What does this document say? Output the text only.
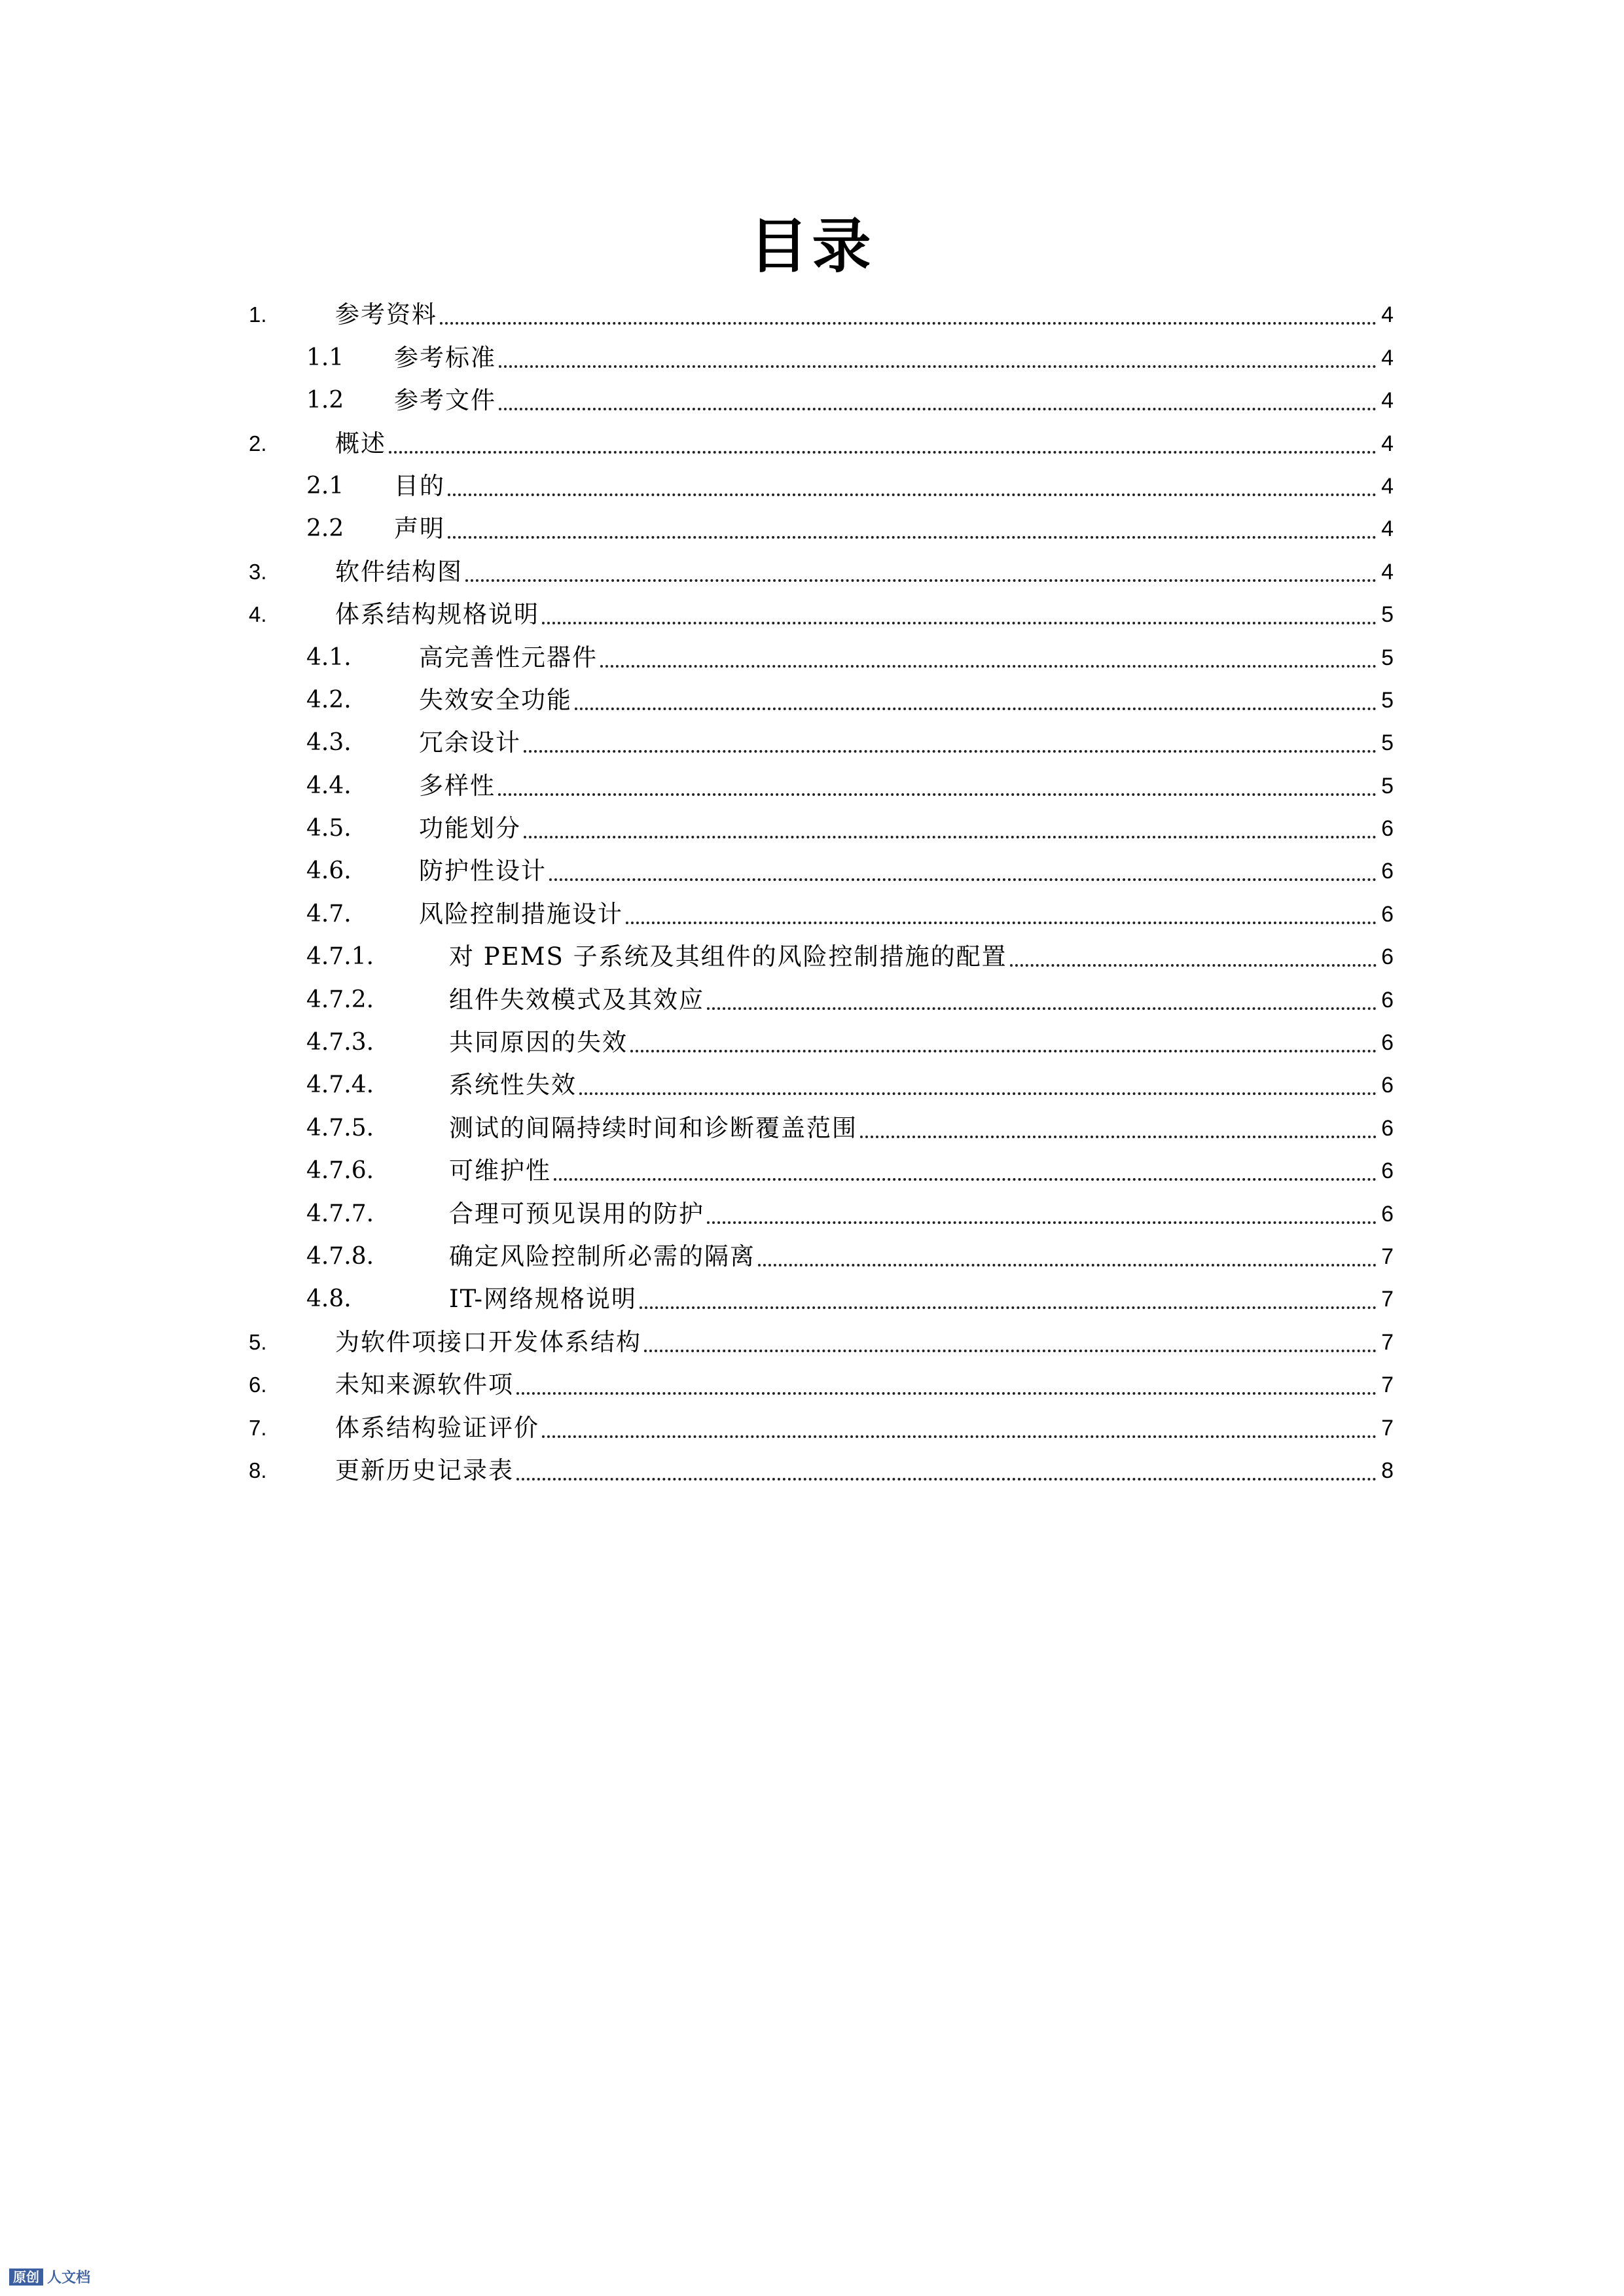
目录
1.	参考资料	4
1.1 参考标准	4
1.2 参考文件	4
2.	概述	4
2.1 目的	4
2.2 声明	4
3.	软件结构图	4
4.	体系结构规格说明	5
4.1.	高完善性元器件	5
4.2.	失效安全功能	5
4.3.	冗余设计	5
4.4.	多样性	5
4.5.	功能划分	6
4.6.	防护性设计	6
4.7.	风险控制措施设计	6
4.7.1.	对 PEMS 子系统及其组件的风险控制措施的配置	6
4.7.2.	组件失效模式及其效应	6
4.7.3.	共同原因的失效	6
4.7.4.	系统性失效	6
4.7.5.	测试的间隔持续时间和诊断覆盖范围	6
4.7.6.	可维护性	6
4.7.7.	合理可预见误用的防护	6
4.7.8.	确定风险控制所必需的隔离	7
4.8.	IT-网络规格说明	7
5.	为软件项接口开发体系结构	7
6.	未知来源软件项	7
7.	体系结构验证评价	7
8.	更新历史记录表	8
原创 人文档
